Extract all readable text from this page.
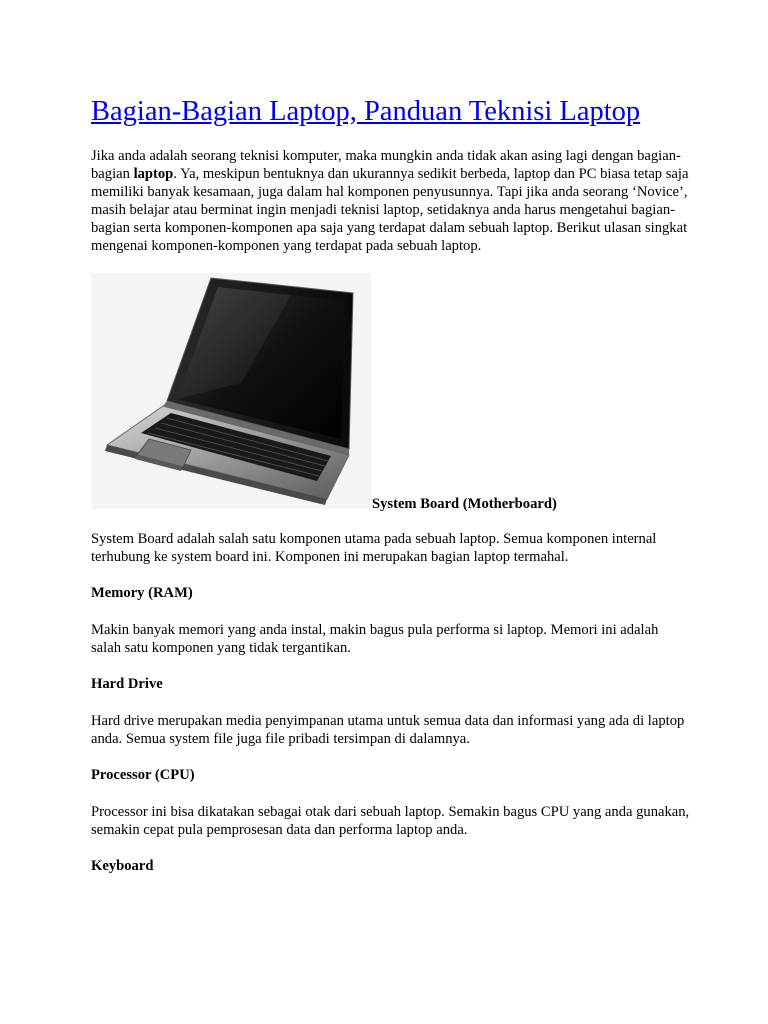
Bagian-Bagian Laptop, Panduan Teknisi Laptop

Jika anda adalah seorang teknisi komputer, maka mungkin anda tidak akan asing lagi dengan bagian-bagian laptop. Ya, meskipun bentuknya dan ukurannya sedikit berbeda, laptop dan PC biasa tetap saja memiliki banyak kesamaan, juga dalam hal komponen penyusunnya. Tapi jika anda seorang ‘Novice’, masih belajar atau berminat ingin menjadi teknisi laptop, setidaknya anda harus mengetahui bagian-bagian serta komponen-komponen apa saja yang terdapat dalam sebuah laptop. Berikut ulasan singkat mengenai komponen-komponen yang terdapat pada sebuah laptop.

System Board (Motherboard)

System Board adalah salah satu komponen utama pada sebuah laptop. Semua komponen internal terhubung ke system board ini. Komponen ini merupakan bagian laptop termahal.

Memory (RAM)

Makin banyak memori yang anda instal, makin bagus pula performa si laptop. Memori ini adalah salah satu komponen yang tidak tergantikan.

Hard Drive

Hard drive merupakan media penyimpanan utama untuk semua data dan informasi yang ada di laptop anda. Semua system file juga file pribadi tersimpan di dalamnya.

Processor (CPU)

Processor ini bisa dikatakan sebagai otak dari sebuah laptop. Semakin bagus CPU yang anda gunakan, semakin cepat pula pemprosesan data dan performa laptop anda.

Keyboard
